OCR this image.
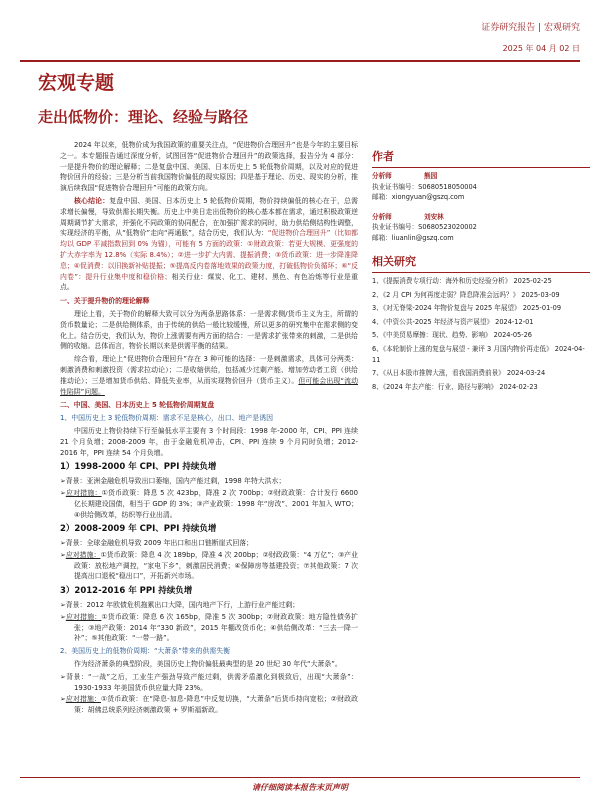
证券研究报告 | 宏观研究
2025 年 04 月 02 日
宏观专题
走出低物价：理论、经验与路径

2024 年以来，低物价成为我国政策的重要关注点，“促进物价合理回升”也是今年的主要目标之一。本专题报告通过深度分析，试图回答“促进物价合理回升”的政策选择，报告分为 4 部分：一是提升物价的理论解释；二是复盘中国、美国、日本历史上 5 轮低物价周期，以及对应的促进物价回升的经验；三是分析当前我国物价偏低的现实原因；四是基于理论、历史、现实的分析，推演后续我国“促进物价合理回升”可能的政策方向。

核心结论：复盘中国、美国、日本历史上 5 轮低物价周期，物价持续偏低的核心在于，总需求增长偏慢，导致供需长期失衡。历史上中美日走出低物价的核心基本都在需求，通过积极政策逆周期调节扩大需求，并强化不同政策的协同配合，在加强扩需求的同时，助力供给侧结构性调整，实现经济的平衡，从“低物价”走向“再通胀”，结合历史，我们认为：“促进物价合理回升”（比如都均以 GDP 平减指数回到 0% 为锚），可能有 5 方面的政策：①财政政策：若更大规模、更强度的扩大赤字率为 12.8%（实际 8.4%）；②进一步扩大内需、提振消费；③货币政策：进一步降准降息；④促消费：以旧换新补贴提振；⑤提高反内卷落地效果的政策力度，打破低物价负循环；⑥“反内卷”：提升行业集中度和稳价格；相关行业：煤炭、化工、建材、黑色、有色冶炼等行业是重点。

一、关于提升物价的理论解释

理论上看，关于物价的解释大致可以分为两条思路体系：一是需求侧/货币主义为主，所谓的货币数量论；二是供给侧体系，由于传统的供给一般比较缓慢，所以更多的研究集中在需求侧的变化上。结合历史，我们认为，物价上涨需要有两方面的结合：一是需求扩张带来的刺激，二是供给侧的收缩。总体而言，物价长期以来是供需平衡的结果。

综合看，理论上“促进物价合理回升”存在 3 种可能的选择：一是刺激需求，具体可分两类：刺激消费和刺激投资（需求拉动论）；二是收缩供给，包括减少过剩产能、增加劳动者工资（供给推动论）；三是增加货币供给、降低失业率，从而实现物价回升（货币主义）。但可能会出现“流动性陷阱”问题。

二、中国、美国、日本历史上 5 轮低物价周期复盘
1、中国历史上 3 轮低物价周期：需求不足是核心，出口、地产是诱因

中国历史上物价持续下行至偏低水平主要有 3 个时间段：1998 年-2000 年，CPI、PPI 连续 21 个月负增；2008-2009 年，由于金融危机冲击，CPI、PPI 连续 9 个月同时负增；2012-2016 年，PPI 连续 54 个月负增。

1）1998-2000 年 CPI、PPI 持续负增

➢背景：亚洲金融危机导致出口萎缩，国内产能过剩，1998 年特大洪水；

➢应对措施：①货币政策：降息 5 次 423bp，降准 2 次 700bp；②财政政策：合计发行 6600 亿长期建设国债，相当于 GDP 的 3%；③产业政策：1998 年“房改”、2001 年加入 WTO；④供给侧改革，纺织等行业出清。

2）2008-2009 年 CPI、PPI 持续负增

➢背景：全球金融危机导致 2009 年出口和出口链断崖式回落；

➢应对措施：①货币政策：降息 4 次 189bp，降准 4 次 200bp；②财政政策：“4 万亿”；③产业政策：放松地产调控，“家电下乡”，刺激居民消费；④保障房等基建投资；⑦其他政策：7 次提高出口退税“稳出口”，开拓新兴市场。

3）2012-2016 年 PPI 持续负增

➢背景：2012 年欧债危机拖累出口大降，国内地产下行，上游行业产能过剩；

➢应对措施：①货币政策：降息 6 次 165bp，降准 5 次 300bp；②财政政策：地方隐性债务扩张；③地产政策：2014 年“330 新政”，2015 年棚改货币化；④供给侧改革：“三去一降一补”；⑤其他政策：“一带一路”。

2、美国历史上的低物价周期：“大萧条”带来的供需失衡

作为经济萧条的典型阶段，美国历史上物价偏低最典型的是 20 世纪 30 年代“大萧条”。

➢背景：“一战”之后，工业生产强劲导致产能过剩，供需矛盾激化到极致后，出现“大萧条”：1930-1933 年美国货币供应量大降 23%。

➢应对措施：①货币政策：在“降息-加息-降息”中反复切换，“大萧条”后货币持向宽松；②财政政策：胡佛总统系列经济刺激政策 + 罗斯福新政。

作者
分析师	熊园
执业证书编号：S0680518050004
邮箱：xiongyuan@gszq.com
分析师	刘安林
执业证书编号：S0680523020002
邮箱：liuanlin@gszq.com
相关研究
1、《提振消费专项行动：海外和历史经验分析》 2025-02-25
2、《2 月 CPI 为何再度走弱？降息降准会远吗？》 2025-03-09
3、《对无脊梁-2024 年物价复盘与 2025 年展望》 2025-01-09
4、《中资公共-2025 年经济与资产展望》 2024-12-01
5、《中美贸易摩擦：现状、趋势、影响》 2024-05-26
6、《本轮制价上涨的复盘与展望 - 兼评 3 月国内物价再走低》 2024-04-11
7、《从日本股市推牌大涨，看我国消费前景》 2024-03-24
8、《2024 年去产能：行业、路径与影响》 2024-02-23
请仔细阅读本报告末页声明
